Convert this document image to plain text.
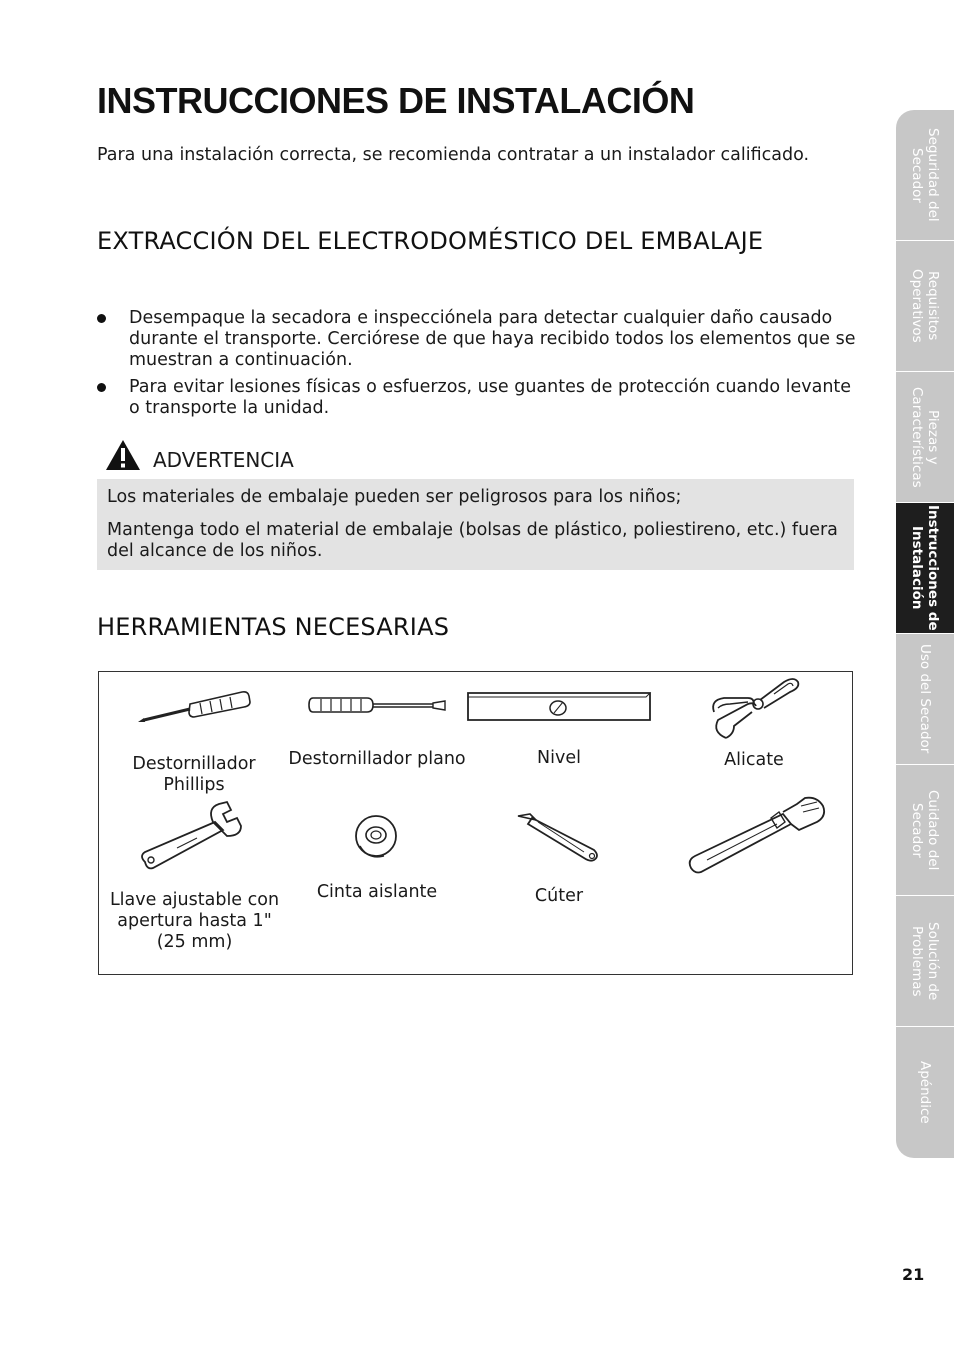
INSTRUCCIONES DE INSTALACIÓN

Para una instalación correcta, se recomienda contratar a un instalador calificado.

EXTRACCIÓN DEL ELECTRODOMÉSTICO DEL EMBALAJE
Desempaque la secadora e inspecciónela para detectar cualquier daño causado durante el transporte. Cerciórese de que haya recibido todos los elementos que se muestran a continuación.
Para evitar lesiones físicas o esfuerzos, use guantes de protección cuando levante o transporte la unidad.
ADVERTENCIA

Los materiales de embalaje pueden ser peligrosos para los niños;

Mantenga todo el material de embalaje (bolsas de plástico, poliestireno, etc.) fuera del alcance de los niños.

HERRAMIENTAS NECESARIAS
Destornillador Phillips
Destornillador plano	Nivel	Alicate
Llave ajustable con apertura hasta 1" (25 mm)
Cinta aislante	Cúter
Seguridad del Secador
Requisitos Operativos
Piezas y Características
Instrucciones de Instalación
Uso del Secador
Cuidado del Secador
Solución de Problemas
Apéndice
21
